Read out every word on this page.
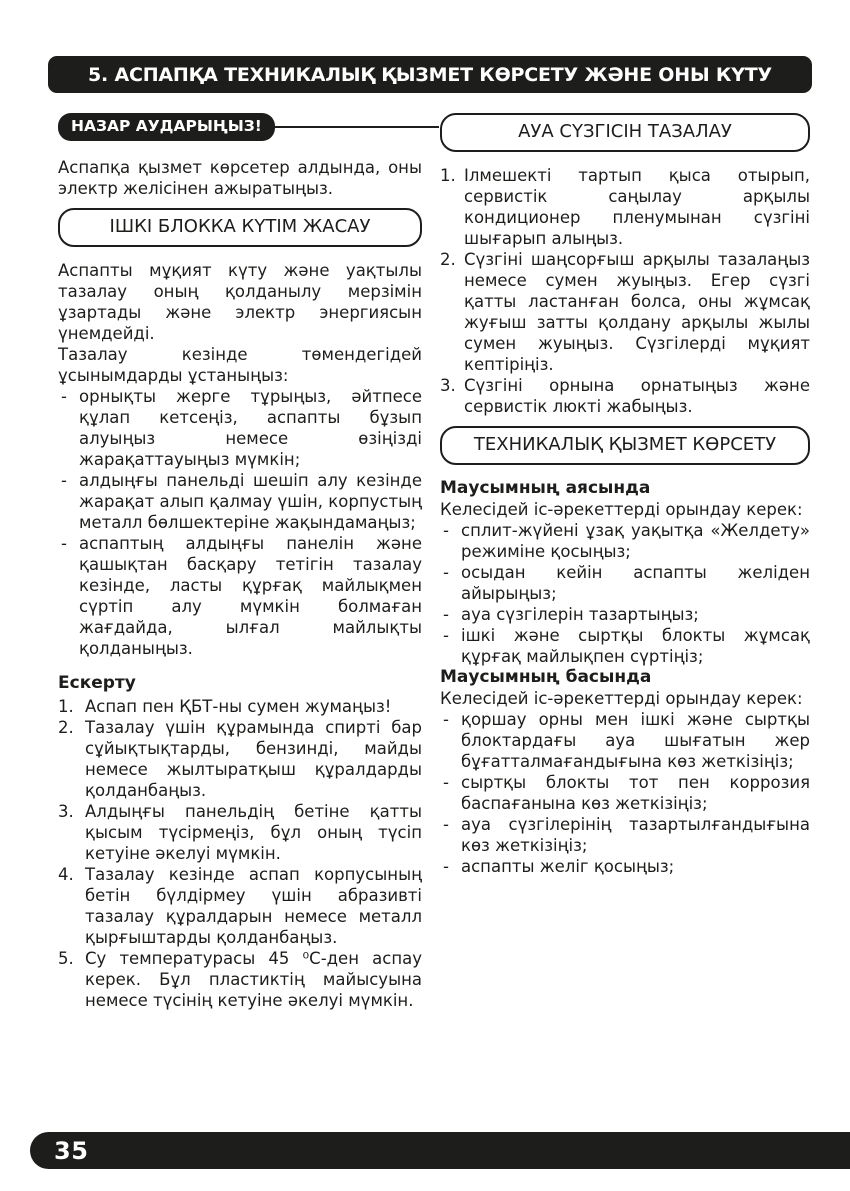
5. АСПАПҚА ТЕХНИКАЛЫҚ ҚЫЗМЕТ КӨРСЕТУ ЖӘНЕ ОНЫ КҮТУ
НАЗАР АУДАРЫҢЫЗ!

Аспапқа қызмет көрсетер алдында, оны электр желісінен ажыратыңыз.

ІШКІ БЛОККА КҮТІМ ЖАСАУ

Аспапты мұқият күту және уақтылы тазалау оның қолданылу мерзімін ұзартады және электр энергиясын үнемдейді.

Тазалау кезінде төмендегідей ұсынымдарды ұстаныңыз:

- орнықты жерге тұрыңыз, әйтпесе құлап кетсеңіз, аспапты бұзып алуыңыз немесе өзіңізді жарақаттауыңыз мүмкін;
- алдыңғы панельді шешіп алу кезінде жарақат алып қалмау үшін, корпустың металл бөлшектеріне жақындамаңыз;
- аспаптың алдыңғы панелін және қашықтан басқару тетігін тазалау кезінде, ласты құрғақ майлықмен сүртіп алу мүмкін болмаған жағдайда, ылғал майлықты қолданыңыз.
Ескерту
Аспап пен ҚБТ-ны сумен жумаңыз!
Тазалау үшін құрамында спирті бар сұйықтықтарды, бензинді, майды немесе жылтыратқыш құралдарды қолданбаңыз.
Алдыңғы панельдің бетіне қатты қысым түсірмеңіз, бұл оның түсіп кетуіне әкелуі мүмкін.
Тазалау кезінде аспап корпусының бетін бүлдірмеу үшін абразивті тазалау құралдарын немесе металл қырғыштарды қолданбаңыз.
Су температурасы 45 ⁰С-ден аспау керек. Бұл пластиктің майысуына немесе түсінің кетуіне әкелуі мүмкін.
АУА СҮЗГІСІН ТАЗАЛАУ
Ілмешекті тартып қыса отырып, сервистік саңылау арқылы кондиционер пленумынан сүзгіні шығарып алыңыз.
Сүзгіні шаңсорғыш арқылы тазалаңыз немесе сумен жуыңыз. Егер сүзгі қатты ластанған болса, оны жұмсақ жуғыш затты қолдану арқылы жылы сумен жуыңыз. Сүзгілерді мұқият кептіріңіз.
Сүзгіні орнына орнатыңыз және сервистік люкті жабыңыз.
ТЕХНИКАЛЫҚ ҚЫЗМЕТ КӨРСЕТУ
Маусымның аясында

Келесідей іс-әрекеттерді орындау керек:

- сплит-жүйені ұзақ уақытқа «Желдету» режиміне қосыңыз;
- осыдан кейін аспапты желіден айырыңыз;
- ауа сүзгілерін тазартыңыз;
- ішкі және сыртқы блокты жұмсақ құрғақ майлықпен сүртіңіз;
Маусымның басында

Келесідей іс-әрекеттерді орындау керек:

- қоршау орны мен ішкі және сыртқы блоктардағы ауа шығатын жер бұғатталмағандығына көз жеткізіңіз;
- сыртқы блокты тот пен коррозия баспағанына көз жеткізіңіз;
- ауа сүзгілерінің тазартылғандығына көз жеткізіңіз;
- аспапты желіг қосыңыз;
35
